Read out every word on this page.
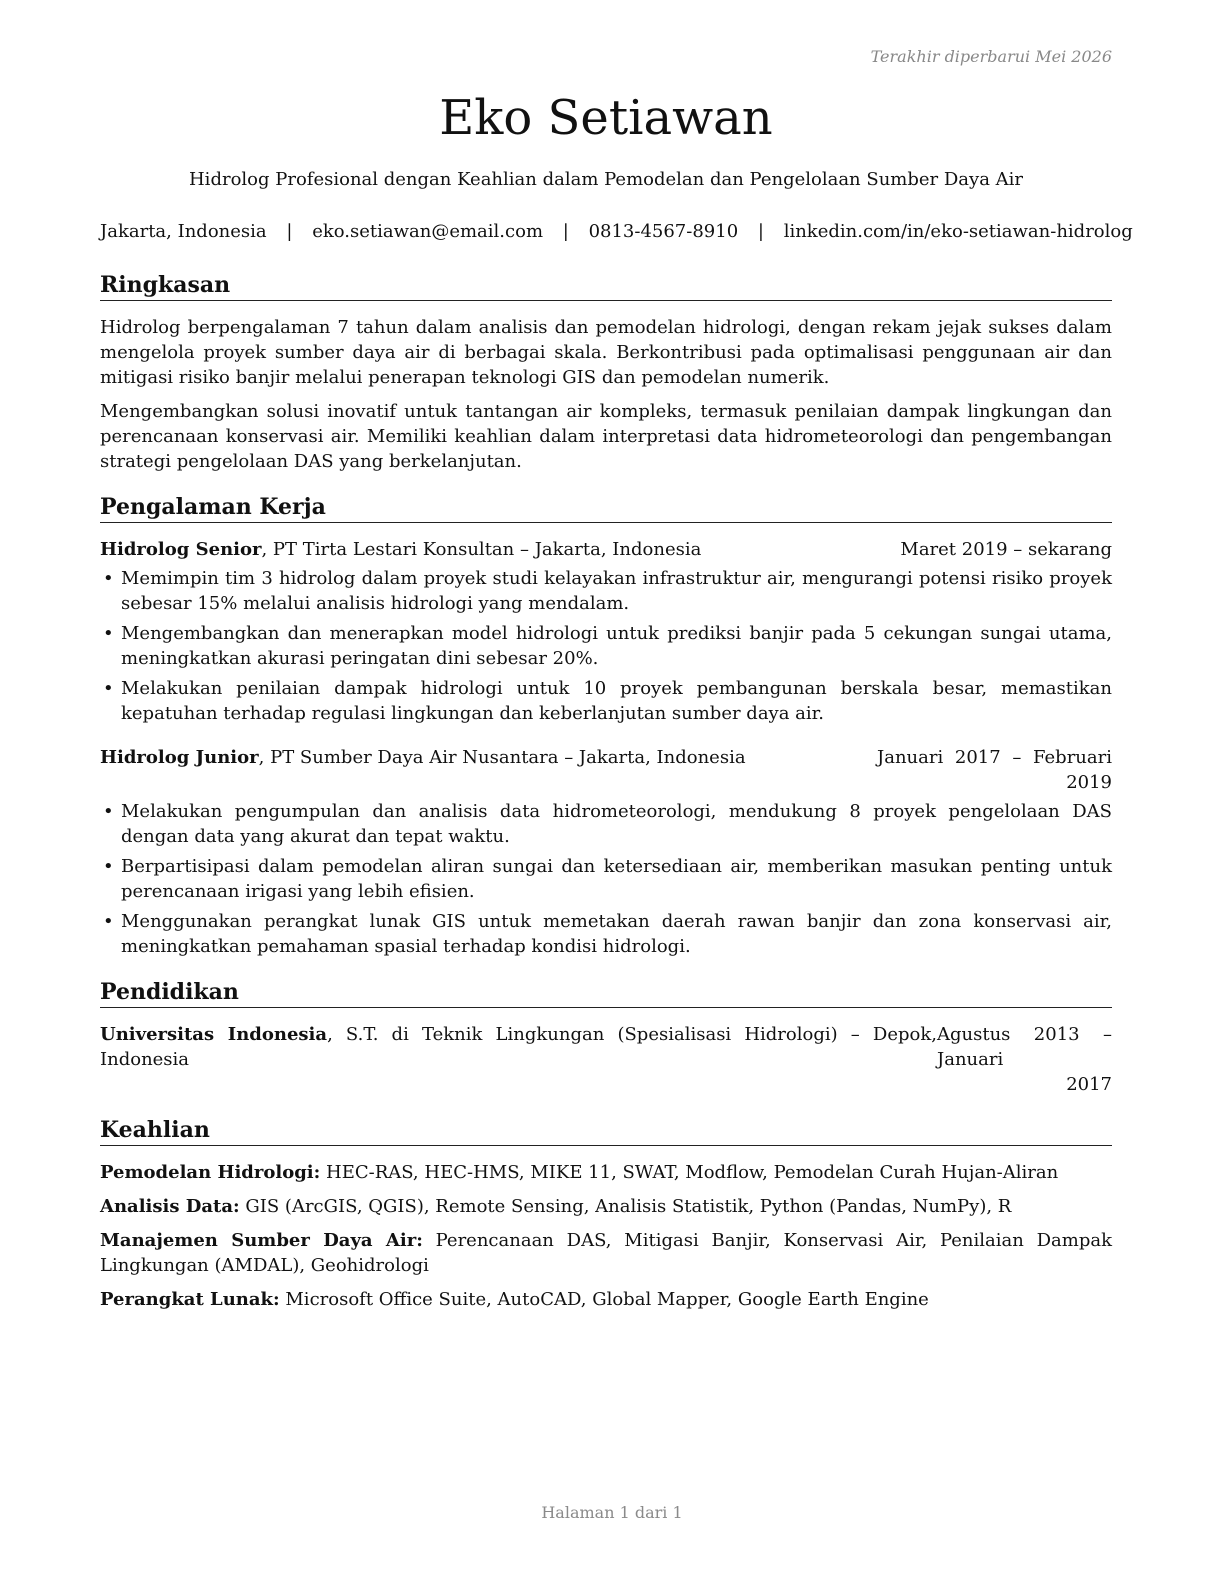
Terakhir diperbarui Mei 2026
Eko Setiawan
Hidrolog Profesional dengan Keahlian dalam Pemodelan dan Pengelolaan Sumber Daya Air
Jakarta, Indonesia | eko.setiawan@email.com | 0813-4567-8910 | linkedin.com/in/eko-setiawan-hidrolog
Ringkasan

Hidrolog berpengalaman 7 tahun dalam analisis dan pemodelan hidrologi, dengan rekam jejak sukses dalam mengelola proyek sumber daya air di berbagai skala. Berkontribusi pada optimalisasi penggunaan air dan mitigasi risiko banjir melalui penerapan teknologi GIS dan pemodelan numerik.

Mengembangkan solusi inovatif untuk tantangan air kompleks, termasuk penilaian dampak lingkungan dan perencanaan konservasi air. Memiliki keahlian dalam interpretasi data hidrometeorologi dan pengembangan strategi pengelolaan DAS yang berkelanjutan.

Pengalaman Kerja
Hidrolog Senior, PT Tirta Lestari Konsultan – Jakarta, Indonesia	Maret 2019 – sekarang
• Memimpin tim 3 hidrolog dalam proyek studi kelayakan infrastruktur air, mengurangi potensi risiko proyek sebesar 15% melalui analisis hidrologi yang mendalam.
• Mengembangkan dan menerapkan model hidrologi untuk prediksi banjir pada 5 cekungan sungai utama, meningkatkan akurasi peringatan dini sebesar 20%.
• Melakukan penilaian dampak hidrologi untuk 10 proyek pembangunan berskala besar, memastikan kepatuhan terhadap regulasi lingkungan dan keberlanjutan sumber daya air.
Hidrolog Junior, PT Sumber Daya Air Nusantara – Jakarta, Indonesia	Januari 2017 – Februari
2019
• Melakukan pengumpulan dan analisis data hidrometeorologi, mendukung 8 proyek pengelolaan DAS dengan data yang akurat dan tepat waktu.
• Berpartisipasi dalam pemodelan aliran sungai dan ketersediaan air, memberikan masukan penting untuk perencanaan irigasi yang lebih efisien.
• Menggunakan perangkat lunak GIS untuk memetakan daerah rawan banjir dan zona konservasi air, meningkatkan pemahaman spasial terhadap kondisi hidrologi.
Pendidikan
Universitas Indonesia, S.T. di Teknik Lingkungan (Spesialisasi Hidrologi) – Depok, Indonesia
Agustus 2013 – Januari
2017
Keahlian

Pemodelan Hidrologi: HEC-RAS, HEC-HMS, MIKE 11, SWAT, Modflow, Pemodelan Curah Hujan-Aliran

Analisis Data: GIS (ArcGIS, QGIS), Remote Sensing, Analisis Statistik, Python (Pandas, NumPy), R

Manajemen Sumber Daya Air: Perencanaan DAS, Mitigasi Banjir, Konservasi Air, Penilaian Dampak Lingkungan (AMDAL), Geohidrologi

Perangkat Lunak: Microsoft Office Suite, AutoCAD, Global Mapper, Google Earth Engine

Halaman 1 dari 1
